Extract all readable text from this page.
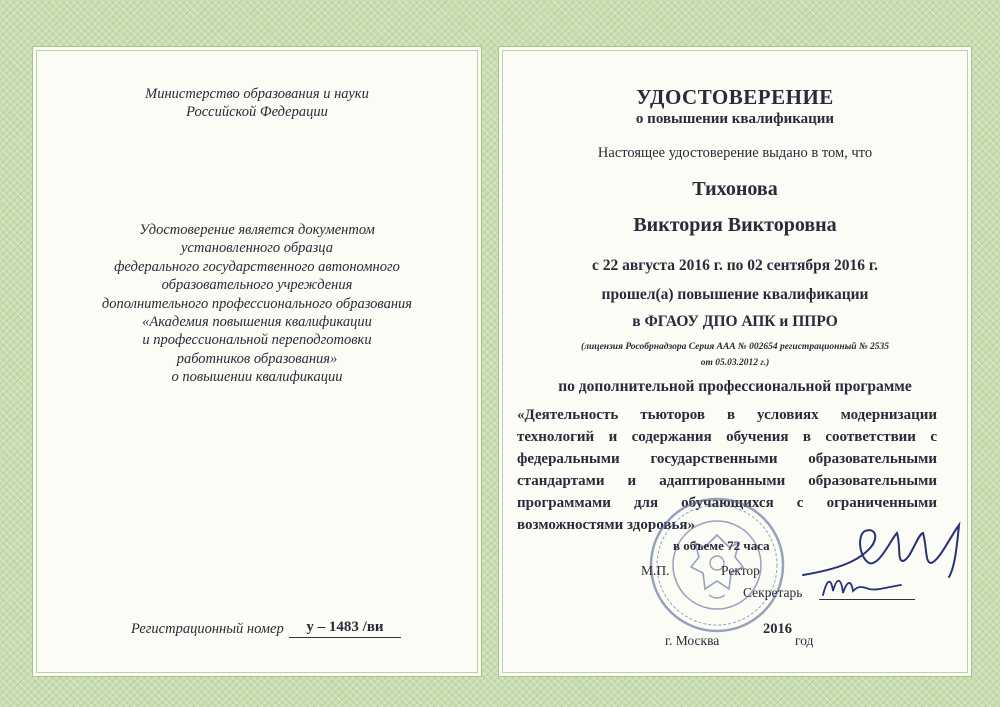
Министерство образования и науки
Российской Федерации
Удостоверение является документом
установленного образца
федерального государственного автономного
образовательного учреждения
дополнительного профессионального образования
«Академия повышения квалификации
и профессиональной переподготовки
работников образования»
о повышении квалификации
Регистрационный номер	у – 1483 /ви
УДОСТОВЕРЕНИЕ
о повышении квалификации
Настоящее удостоверение выдано в том, что
Тихонова
Виктория Викторовна
с 22 августа 2016 г. по 02 сентября 2016 г.
прошел(а) повышение квалификации
в ФГАОУ ДПО АПК и ППРО
(лицензия Рособрнадзора Серия ААА № 002654 регистрационный № 2535
от 05.03.2012 г.)
по дополнительной профессиональной программе
«Деятельность тьюторов в условиях модернизации технологий и содержания обучения в соответствии с федеральными государственными образовательными стандартами и адаптированными образовательными программами для обучающихся с ограниченными возможностями здоровья»
в объеме 72 часа
М.П.	Ректор
Секретарь
г. Москва
2016
год
